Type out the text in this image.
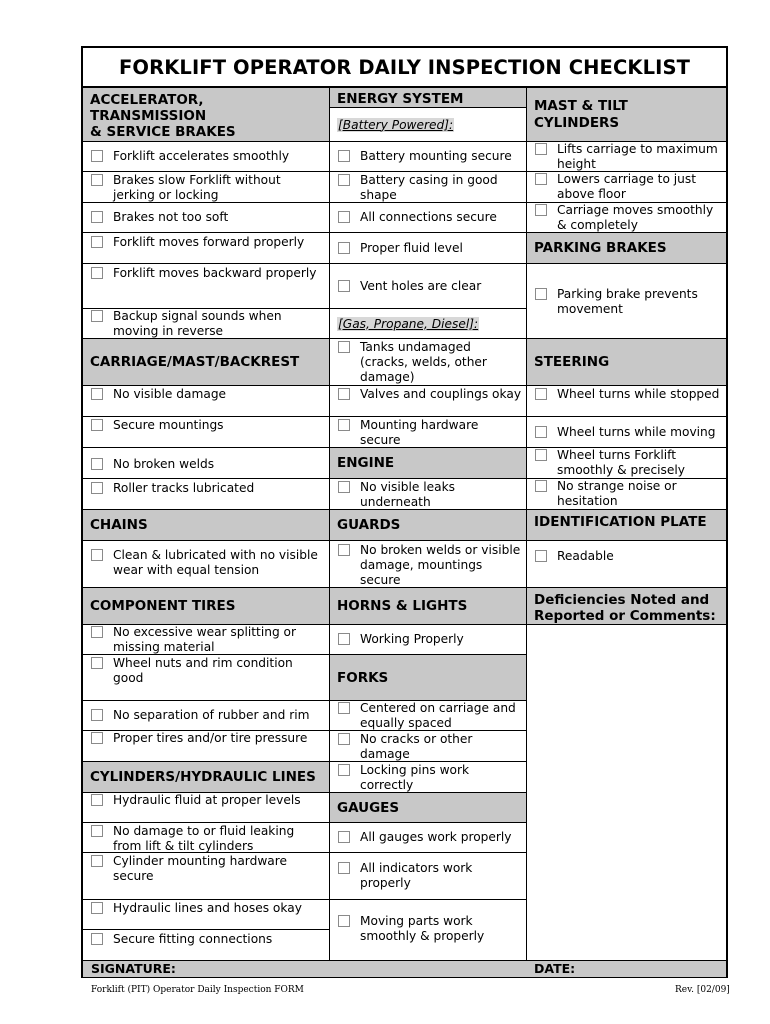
FORKLIFT OPERATOR DAILY INSPECTION CHECKLIST
ACCELERATOR,
TRANSMISSION
& SERVICE BRAKES
Forklift accelerates smoothly
Brakes slow Forklift without jerking or locking
Brakes not too soft
Forklift moves forward properly
Forklift moves backward properly
Backup signal sounds when moving in reverse
CARRIAGE/MAST/BACKREST
No visible damage
Secure mountings
No broken welds
Roller tracks lubricated
CHAINS
Clean & lubricated with no visible wear with equal tension
COMPONENT TIRES
No excessive wear splitting or missing material
Wheel nuts and rim condition good
No separation of rubber and rim
Proper tires and/or tire pressure
CYLINDERS/HYDRAULIC LINES
Hydraulic fluid at proper levels
No damage to or fluid leaking from lift & tilt cylinders
Cylinder mounting hardware secure
Hydraulic lines and hoses okay
Secure fitting connections
ENERGY SYSTEM
[Battery Powered]:
Battery mounting secure
Battery casing in good shape
All connections secure
Proper fluid level
Vent holes are clear
[Gas, Propane, Diesel]:
Tanks undamaged (cracks, welds, other damage)
Valves and couplings okay
Mounting hardware secure
ENGINE
No visible leaks underneath
GUARDS
No broken welds or visible damage, mountings secure
HORNS & LIGHTS
Working Properly
FORKS
Centered on carriage and equally spaced
No cracks or other damage
Locking pins work correctly
GAUGES
All gauges work properly
All indicators work properly
Moving parts work smoothly & properly
MAST & TILT
CYLINDERS
Lifts carriage to maximum height
Lowers carriage to just above floor
Carriage moves smoothly & completely
PARKING BRAKES
Parking brake prevents movement
STEERING
Wheel turns while stopped
Wheel turns while moving
Wheel turns Forklift smoothly & precisely
No strange noise or hesitation
IDENTIFICATION PLATE
Readable
Deficiencies Noted and Reported or Comments:
SIGNATURE:	DATE:
Forklift (PIT) Operator Daily Inspection FORM	Rev. [02/09]
